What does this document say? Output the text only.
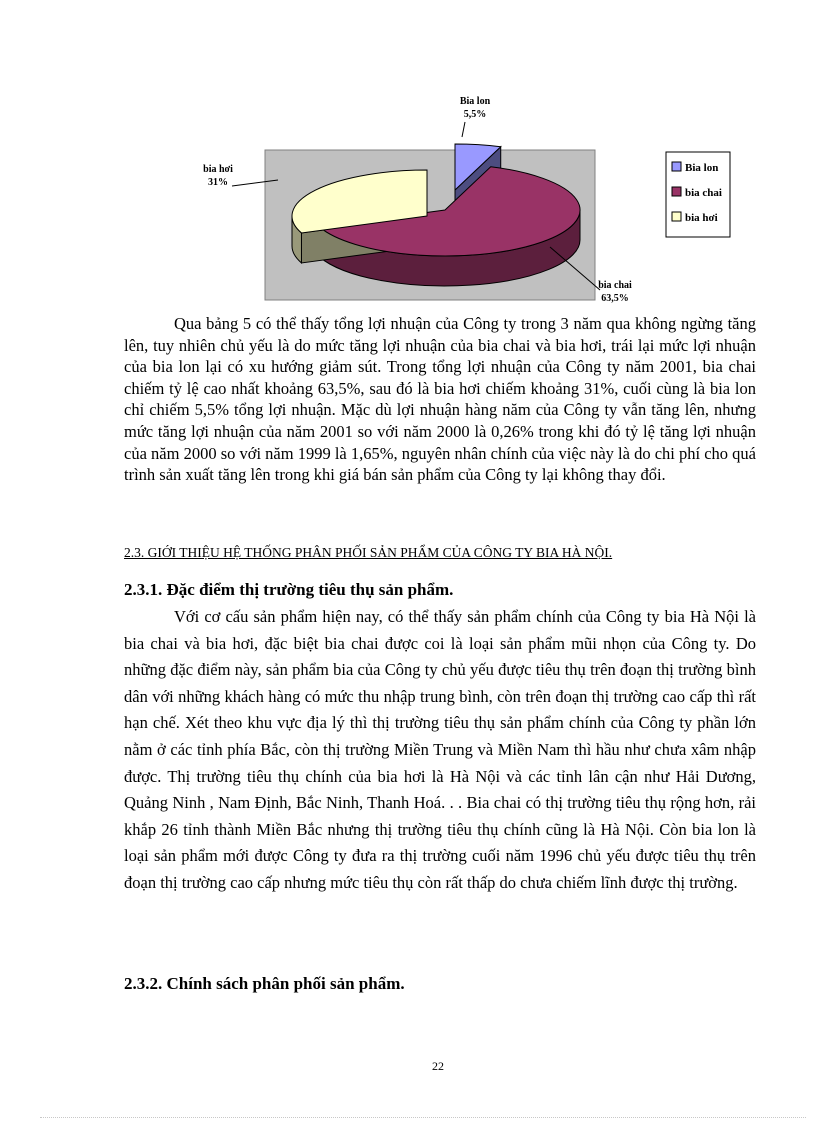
Bia lon
5,5%
bia chai
63,5%
bia hơi
31%
Bia lon
bia chai
bia hơi

Qua bảng 5 có thể thấy tổng lợi nhuận của Công ty trong 3 năm qua không ngừng tăng lên, tuy nhiên chủ yếu là do mức tăng lợi nhuận của bia chai và bia hơi, trái lại mức lợi nhuận của bia lon lại có xu hướng giảm sút. Trong tổng lợi nhuận của Công ty năm 2001, bia chai chiếm tỷ lệ cao nhất khoảng 63,5%, sau đó là bia hơi chiếm khoảng 31%, cuối cùng là bia lon chỉ chiếm 5,5% tổng lợi nhuận. Mặc dù lợi nhuận hàng năm của Công ty vẫn tăng lên, nhưng mức tăng lợi nhuận của năm 2001 so với năm 2000 là 0,26% trong khi đó tỷ lệ tăng lợi nhuận của năm 2000 so với năm 1999 là 1,65%, nguyên nhân chính của việc này là do chi phí cho quá trình sản xuất tăng lên trong khi giá bán sản phẩm của Công ty lại không thay đổi.

2.3. GIỚI THIỆU HỆ THỐNG PHÂN PHỐI SẢN PHẨM CỦA CÔNG TY BIA HÀ NỘI.

2.3.1. Đặc điểm thị trường tiêu thụ sản phẩm.

Với cơ cấu sản phẩm hiện nay, có thể thấy sản phẩm chính của Công ty bia Hà Nội là bia chai và bia hơi, đặc biệt bia chai được coi là loại sản phẩm mũi nhọn của Công ty. Do những đặc điểm này, sản phẩm bia của Công ty chủ yếu được tiêu thụ trên đoạn thị trường bình dân với những khách hàng có mức thu nhập trung bình, còn trên đoạn thị trường cao cấp thì rất hạn chế. Xét theo khu vực địa lý thì thị trường tiêu thụ sản phẩm chính của Công ty phần lớn nằm ở các tỉnh phía Bắc, còn thị trường Miền Trung và Miền Nam thì hầu như chưa xâm nhập được. Thị trường tiêu thụ chính của bia hơi là Hà Nội và các tỉnh lân cận như Hải Dương, Quảng Ninh , Nam Định, Bắc Ninh, Thanh Hoá. . . Bia chai có thị trường tiêu thụ rộng hơn, rải khắp 26 tỉnh thành Miền Bắc nhưng thị trường tiêu thụ chính cũng là Hà Nội. Còn bia lon là loại sản phẩm mới được Công ty đưa ra thị trường cuối năm 1996 chủ yếu được tiêu thụ trên đoạn thị trường cao cấp nhưng mức tiêu thụ còn rất thấp do chưa chiếm lĩnh được thị trường.

2.3.2. Chính sách phân phối sản phẩm.

22
